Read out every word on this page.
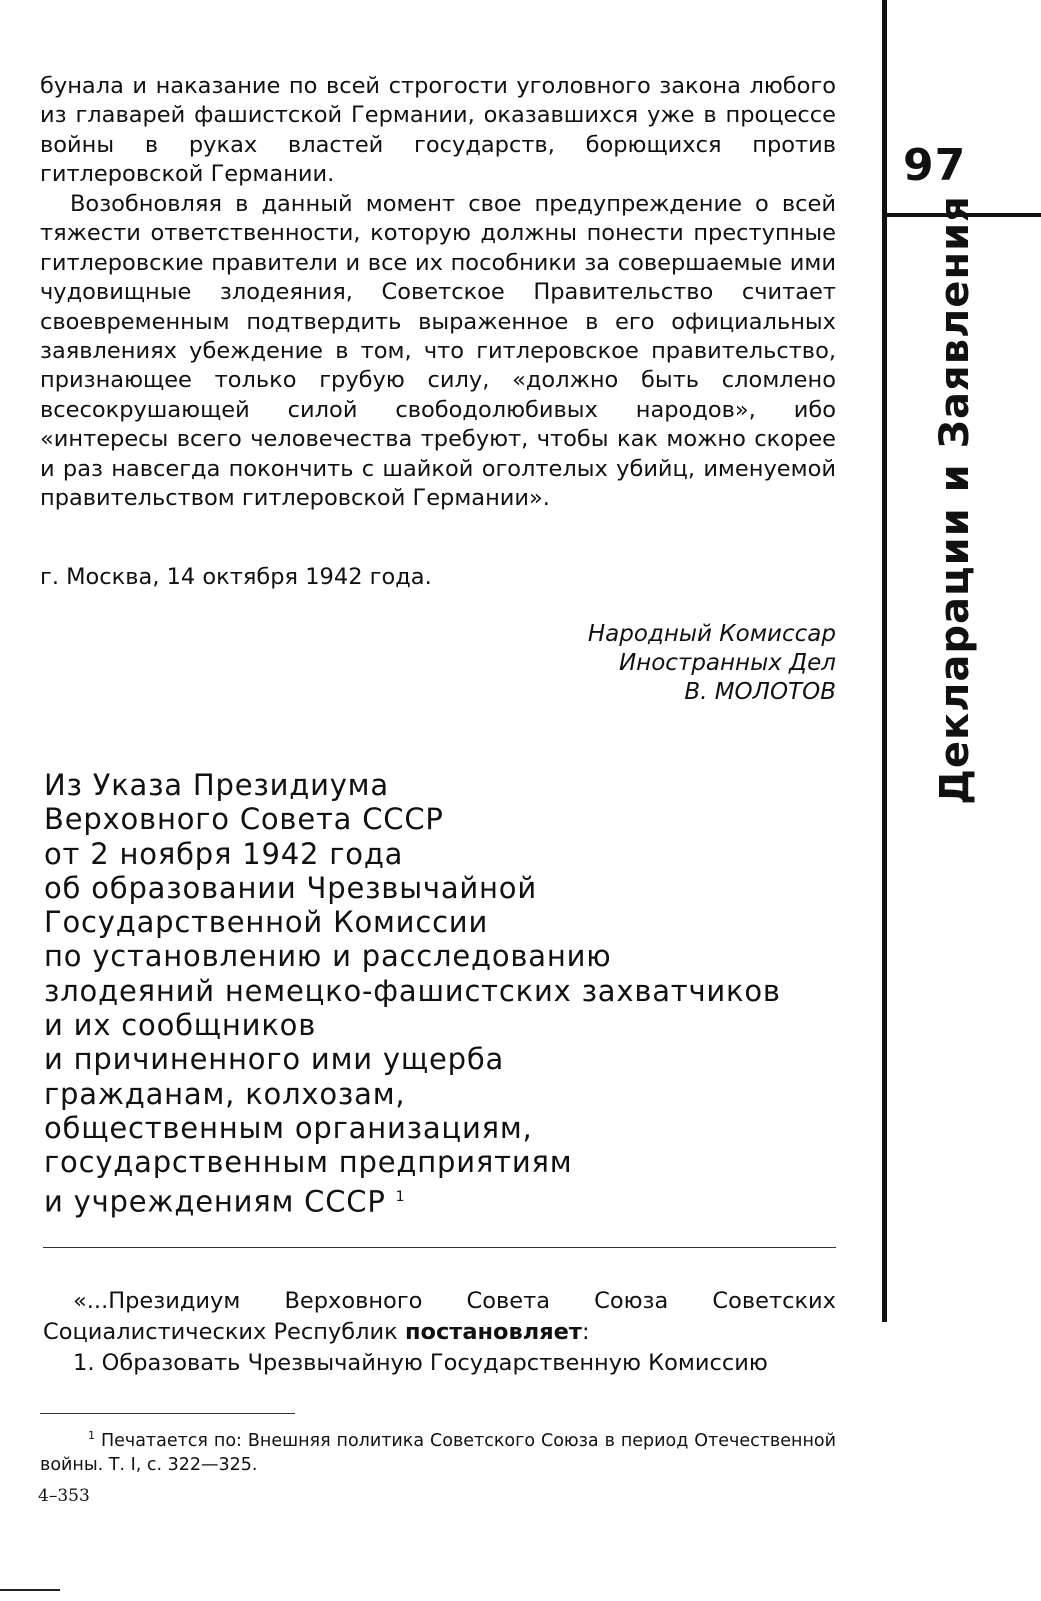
97
Декларации и Заявления
бунала и наказание по всей строгости уголовного закона любого из главарей фашистской Германии, оказавшихся уже в процессе войны в руках властей государств, борющихся против гитлеровской Германии.
Возобновляя в данный момент свое предупреждение о всей тяжести ответственности, которую должны понести преступные гитлеровские правители и все их пособники за совершаемые ими чудовищные злодеяния, Советское Правительство считает своевременным подтвердить выраженное в его официальных заявлениях убеждение в том, что гитлеровское правительство, признающее только грубую силу, «должно быть сломлено всесокрушающей силой свободолюбивых народов», ибо «интересы всего человечества требуют, чтобы как можно скорее и раз навсегда покончить с шайкой оголтелых убийц, именуемой правительством гитлеровской Германии».
г. Москва, 14 октября 1942 года.
Народный Комиссар
Иностранных Дел
В. МОЛОТОВ
Из Указа Президиума
Верховного Совета СССР
от 2 ноября 1942 года
об образовании Чрезвычайной
Государственной Комиссии
по установлению и расследованию
злодеяний немецко-фашистских захватчиков
и их сообщников
и причиненного ими ущерба
гражданам, колхозам,
общественным организациям,
государственным предприятиям
и учреждениям СССР $^1$
«...Президиум Верховного Совета Союза Советских
Социалистических Республик постановляет:
1. Образовать Чрезвычайную Государственную Комиссию
$^1$ Печатается по: Внешняя политика Советского Союза в период Отечественной войны. Т. I, с. 322—325.
4–353
